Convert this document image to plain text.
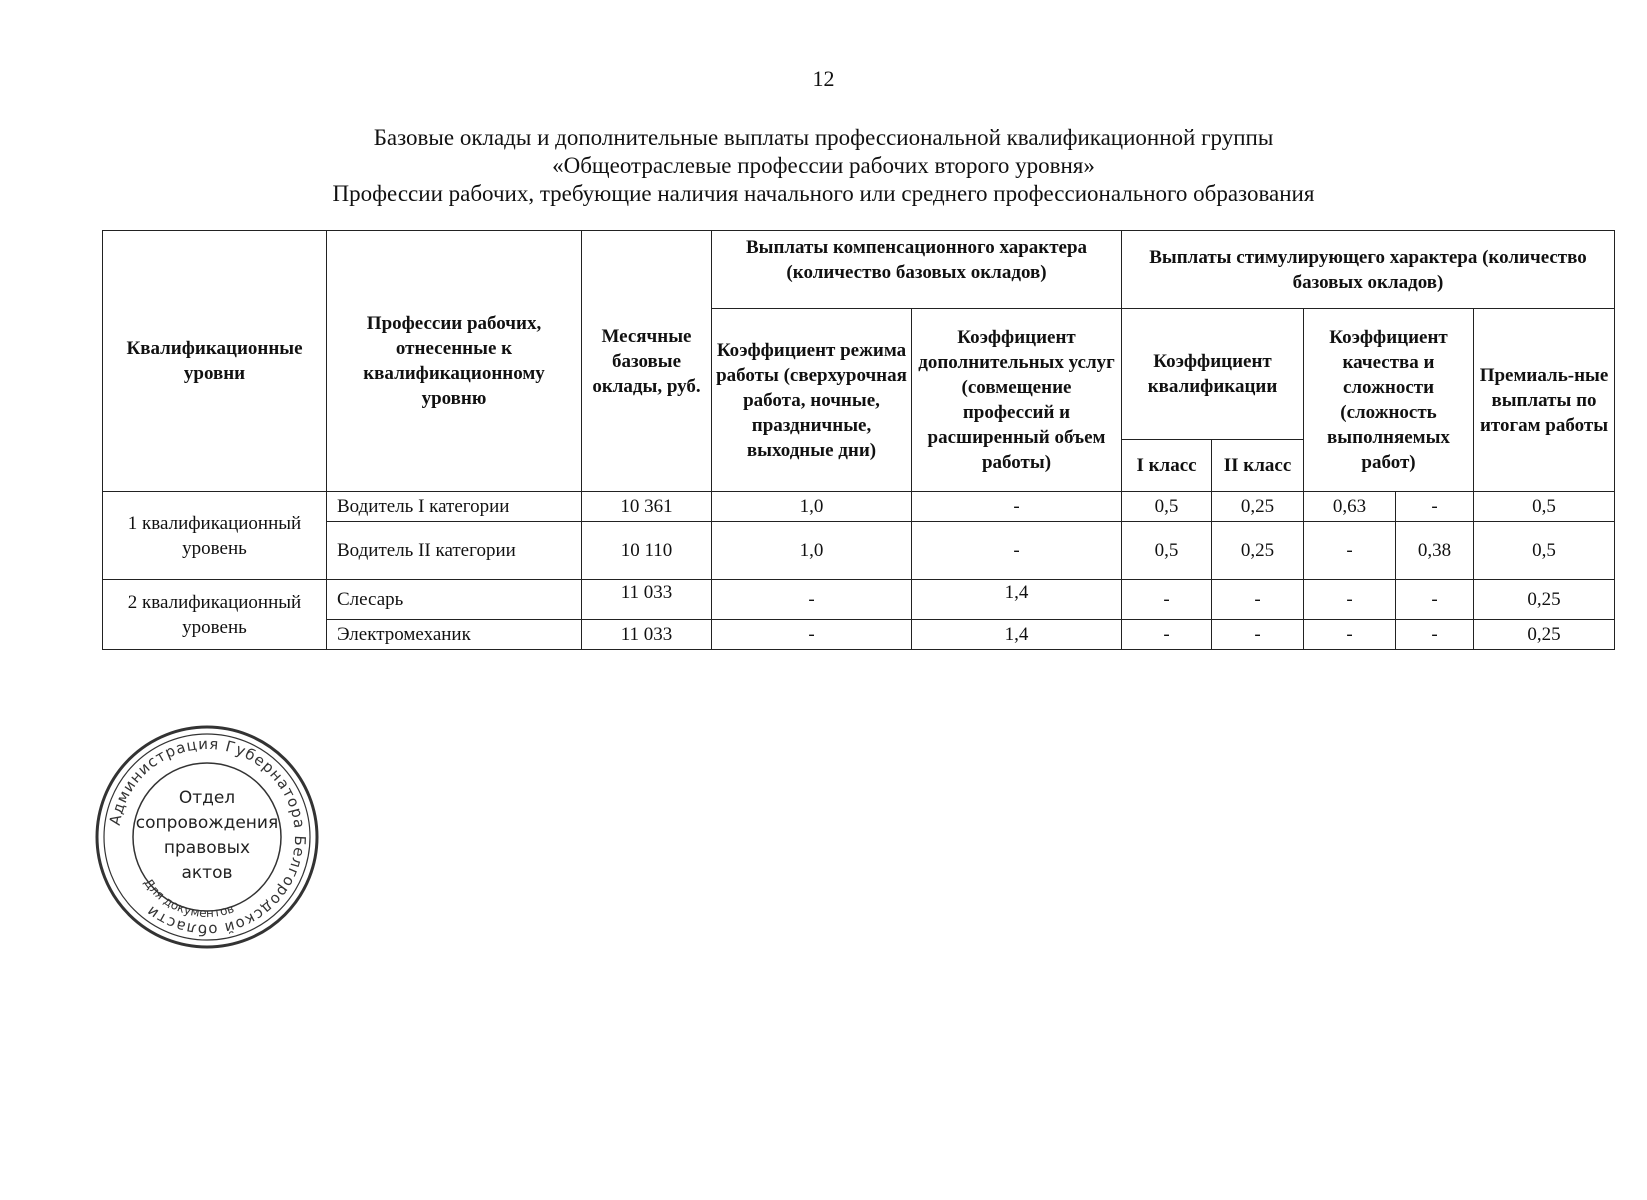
12
Базовые оклады и дополнительные выплаты профессиональной квалификационной группы
«Общеотраслевые профессии рабочих второго уровня»
Профессии рабочих, требующие наличия начального или среднего профессионального образования
Квалификационные уровни	Профессии рабочих, отнесенные к квалификационному уровню	Месячные базовые оклады, руб.	Выплаты компенсационного характера (количество базовых окладов)		Выплаты стимулирующего характера (количество базовых окладов)				
			Коэффициент режима работы (сверхурочная работа, ночные, праздничные, выходные дни)	Коэффициент дополнительных услуг (совмещение профессий и расширенный объем работы)	Коэффициент квалификации		Коэффициент качества и сложности (сложность выполняемых работ)		Премиаль-ные выплаты по итогам работы
					I класс	II класс			
1 квалификационный уровень	Водитель I категории	10 361	1,0	-	0,5	0,25	0,63	-	0,5
	Водитель II категории	10 110	1,0	-	0,5	0,25	-	0,38	0,5
2 квалификационный уровень	Слесарь	11 033	-	1,4	-	-	-	-	0,25
	Электромеханик	11 033	-	1,4	-	-	-	-	0,25
Администрация Губернатора Белгородской области
Для документов
Отдел
сопровождения
правовых
актов
